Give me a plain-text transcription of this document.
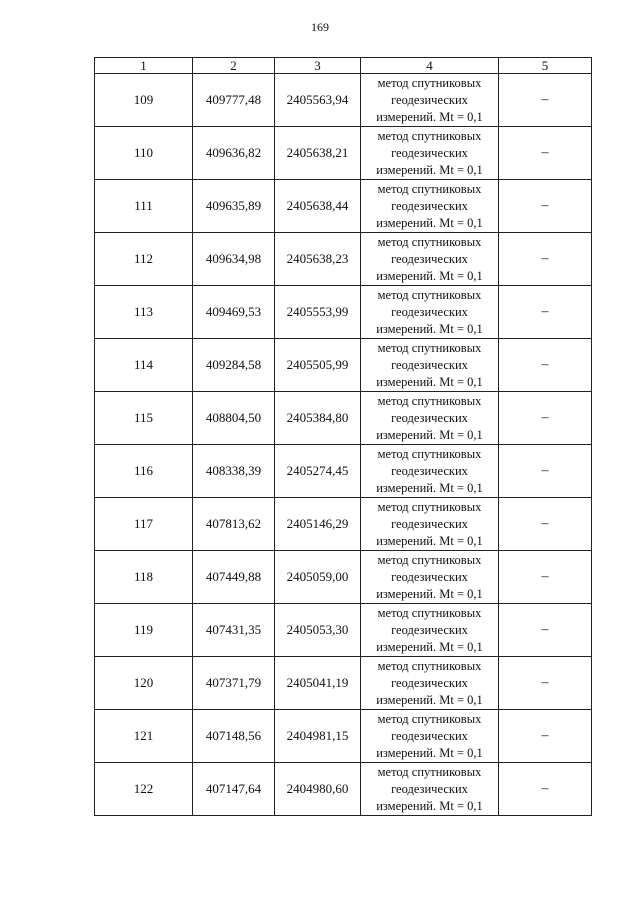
169
1	2	3	4	5
109	409777,48	2405563,94	метод спутниковых
геодезических
измерений. Mt = 0,1	–
110	409636,82	2405638,21	метод спутниковых
геодезических
измерений. Mt = 0,1	–
111	409635,89	2405638,44	метод спутниковых
геодезических
измерений. Mt = 0,1	–
112	409634,98	2405638,23	метод спутниковых
геодезических
измерений. Mt = 0,1	–
113	409469,53	2405553,99	метод спутниковых
геодезических
измерений. Mt = 0,1	–
114	409284,58	2405505,99	метод спутниковых
геодезических
измерений. Mt = 0,1	–
115	408804,50	2405384,80	метод спутниковых
геодезических
измерений. Mt = 0,1	–
116	408338,39	2405274,45	метод спутниковых
геодезических
измерений. Mt = 0,1	–
117	407813,62	2405146,29	метод спутниковых
геодезических
измерений. Mt = 0,1	–
118	407449,88	2405059,00	метод спутниковых
геодезических
измерений. Mt = 0,1	–
119	407431,35	2405053,30	метод спутниковых
геодезических
измерений. Mt = 0,1	–
120	407371,79	2405041,19	метод спутниковых
геодезических
измерений. Mt = 0,1	–
121	407148,56	2404981,15	метод спутниковых
геодезических
измерений. Mt = 0,1	–
122	407147,64	2404980,60	метод спутниковых
геодезических
измерений. Mt = 0,1	–
